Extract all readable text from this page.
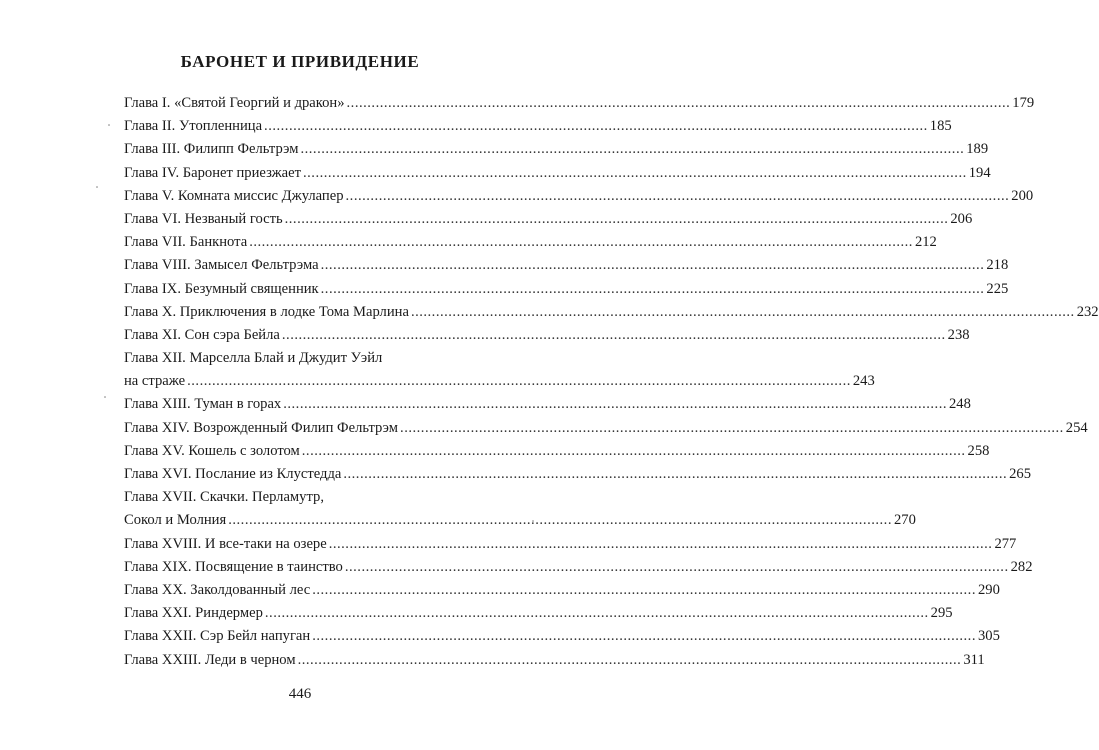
БАРОНЕТ И ПРИВИДЕНИЕ
Глава I. «Святой Георгий и дракон» .....	179
Глава II. Утопленница .....	185
Глава III. Филипп Фельтрэм .....	189
Глава IV. Баронет приезжает .....	194
Глава V. Комната миссис Джулапер .....	200
Глава VI. Незваный гость .....	206
Глава VII. Банкнота .....	212
Глава VIII. Замысел Фельтрэма .....	218
Глава IX. Безумный священник .....	225
Глава X. Приключения в лодке Тома Марлина .....	232
Глава XI. Сон сэра Бейла .....	238
Глава XII. Марселла Блай и Джудит Уэйл
на страже .....	243
Глава XIII. Туман в горах .....	248
Глава XIV. Возрожденный Филип Фельтрэм .....	254
Глава XV. Кошель с золотом .....	258
Глава XVI. Послание из Клустедда .....	265
Глава XVII. Скачки. Перламутр,
Сокол и Молния .....	270
Глава XVIII. И все-таки на озере .....	277
Глава XIX. Посвящение в таинство .....	282
Глава XX. Заколдованный лес .....	290
Глава XXI. Риндермер .....	295
Глава XXII. Сэр Бейл напуган .....	305
Глава XXIII. Леди в черном .....	311
446
